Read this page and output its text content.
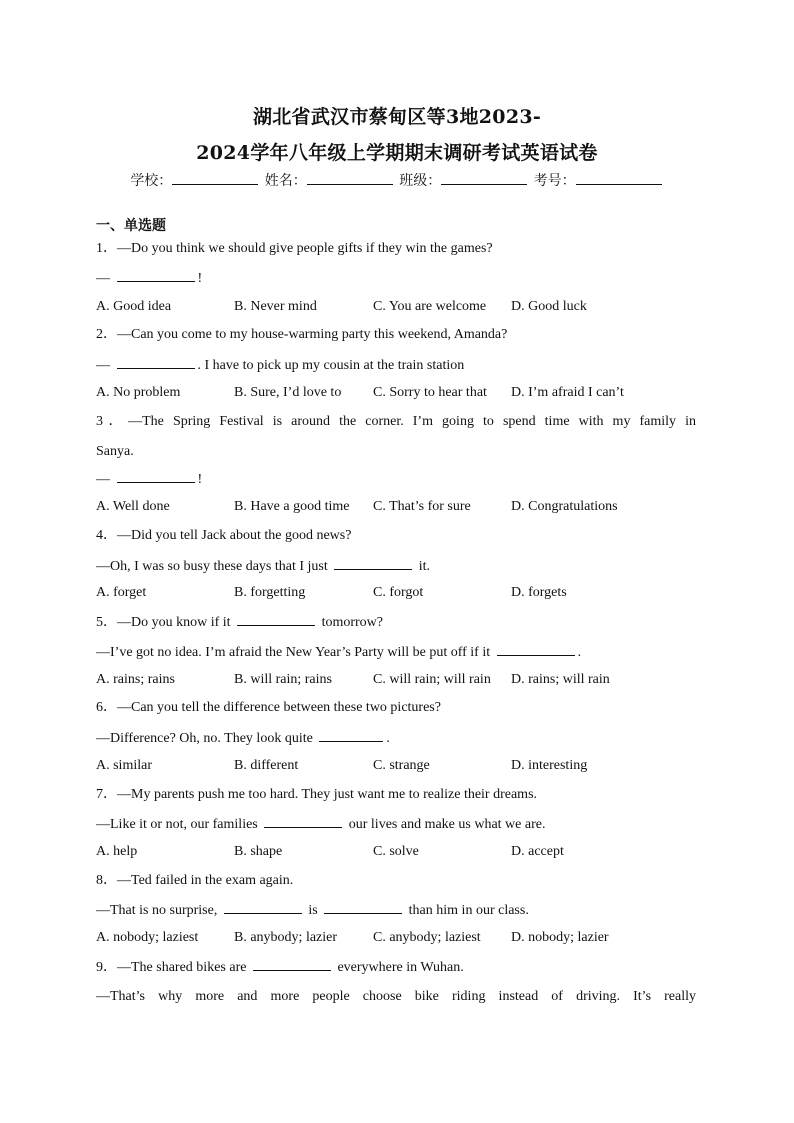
湖北省武汉市蔡甸区等3地2023-
2024学年八年级上学期期末调研考试英语试卷
学校：	姓名：	班级：	考号：
一、单选题
1．—Do you think we should give people gifts if they win the games?
—	!
A. Good idea	B. Never mind	C. You are welcome D. Good luck
2．—Can you come to my house-warming party this weekend, Amanda?
—	. I have to pick up my cousin at the train station
A. No problem	B. Sure, I’d love to C. Sorry to hear that D. I’m afraid I can’t
3．—The Spring Festival is around the corner. I’m going to spend time with my family in
Sanya.
—	!
A. Well done	B. Have a good time C. That’s for sure	D. Congratulations
4．—Did you tell Jack about the good news?
—Oh, I was so busy these days that I just	it.
A. forget	B. forgetting	C. forgot	D. forgets
5．—Do you know if it	tomorrow?
—I’ve got no idea. I’m afraid the New Year’s Party will be put off if it	.
A. rains; rains	B. will rain; rains	C. will rain; will rain D. rains; will rain
6．—Can you tell the difference between these two pictures?
—Difference? Oh, no. They look quite	.
A. similar	B. different	C. strange	D. interesting
7．—My parents push me too hard. They just want me to realize their dreams.
—Like it or not, our families	our lives and make us what we are.
A. help	B. shape	C. solve	D. accept
8．—Ted failed in the exam again.
—That is no surprise,	is	than him in our class.
A. nobody; laziest	B. anybody; lazier	C. anybody; laziest D. nobody; lazier
9．—The shared bikes are	everywhere in Wuhan.
—That’s why more and more people choose bike riding instead of driving. It’s really
